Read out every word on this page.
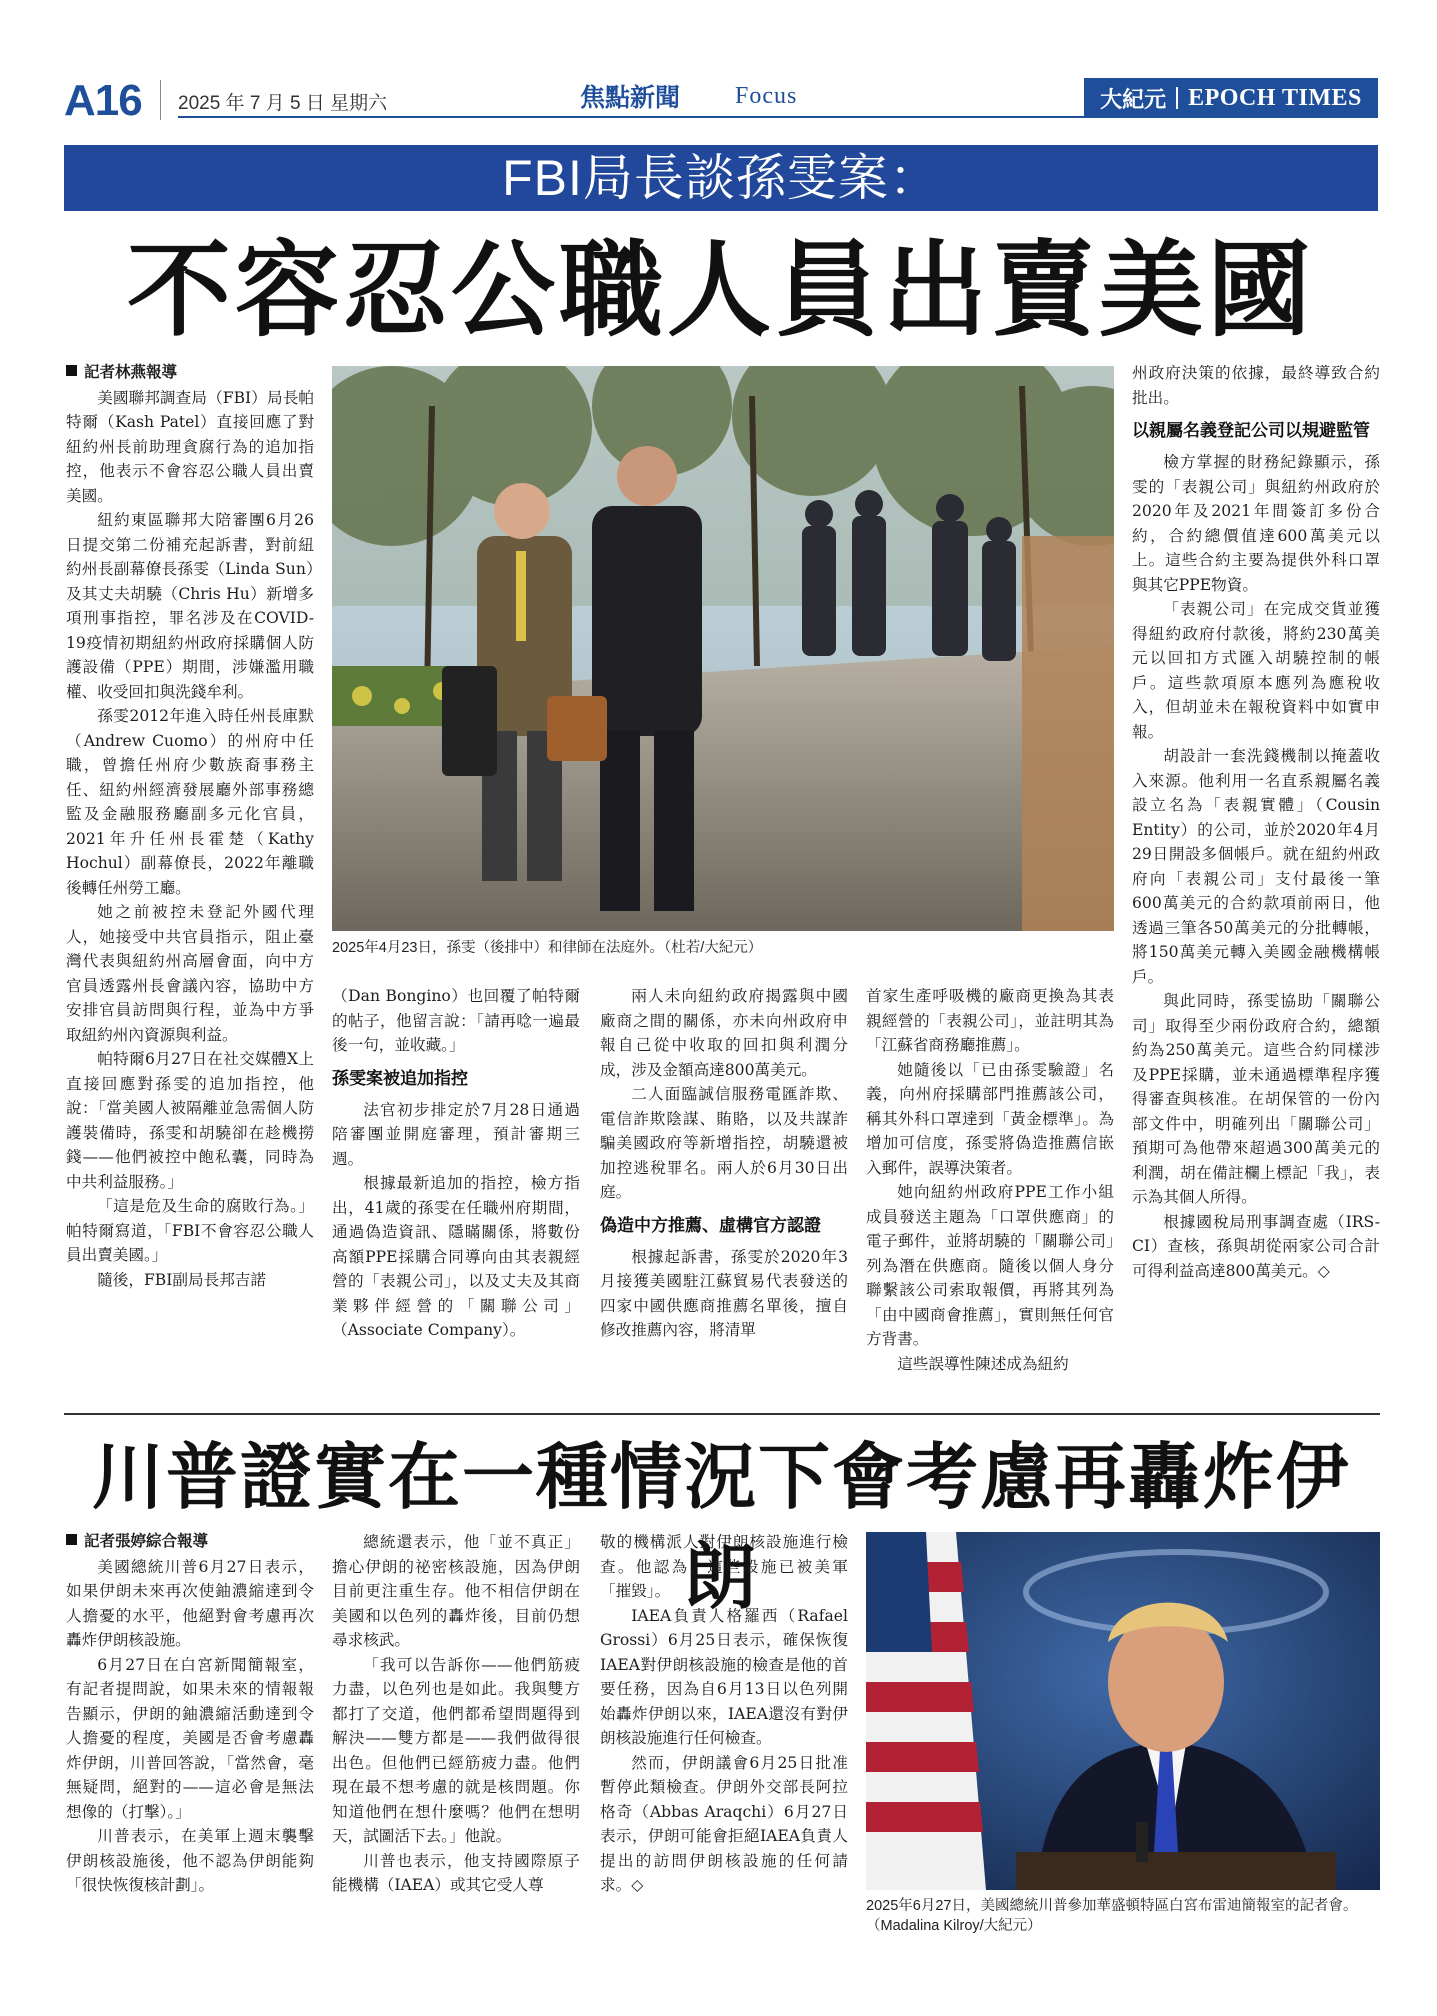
A16 2025 年 7 月 5 日 星期六	焦點新聞 Focus	大紀元 EPOCH TIMES
FBI局長談孫雯案：
不容忍公職人員出賣美國

記者林燕報導

美國聯邦調查局（FBI）局長帕特爾（Kash Patel）直接回應了對紐約州長前助理貪腐行為的追加指控，他表示不會容忍公職人員出賣美國。

紐約東區聯邦大陪審團6月26日提交第二份補充起訴書，對前紐約州長副幕僚長孫雯（Linda Sun）及其丈夫胡驍（Chris Hu）新增多項刑事指控，罪名涉及在COVID-19疫情初期紐約州政府採購個人防護設備（PPE）期間，涉嫌濫用職權、收受回扣與洗錢牟利。

孫雯2012年進入時任州長庫默（Andrew Cuomo）的州府中任職，曾擔任州府少數族裔事務主任、紐約州經濟發展廳外部事務總監及金融服務廳副多元化官員，2021年升任州長霍楚（Kathy Hochul）副幕僚長，2022年離職後轉任州勞工廳。

她之前被控未登記外國代理人，她接受中共官員指示，阻止臺灣代表與紐約州高層會面，向中方官員透露州長會議內容，協助中方安排官員訪問與行程，並為中方爭取紐約州內資源與利益。

帕特爾6月27日在社交媒體X上直接回應對孫雯的追加指控，他說：「當美國人被隔離並急需個人防護裝備時，孫雯和胡驍卻在趁機撈錢——他們被控中飽私囊，同時為中共利益服務。」

「這是危及生命的腐敗行為。」帕特爾寫道，「FBI不會容忍公職人員出賣美國。」

隨後，FBI副局長邦吉諾

2025年4月23日，孫雯（後排中）和律師在法庭外。（杜若/大紀元）

（Dan Bongino）也回覆了帕特爾的帖子，他留言說：「請再唸一遍最後一句，並收藏。」

孫雯案被追加指控

法官初步排定於7月28日通過陪審團並開庭審理，預計審期三週。

根據最新追加的指控，檢方指出，41歲的孫雯在任職州府期間，通過偽造資訊、隱瞞關係，將數份高額PPE採購合同導向由其表親經營的「表親公司」，以及丈夫及其商業夥伴經營的「關聯公司」（Associate Company）。

兩人未向紐約政府揭露與中國廠商之間的關係，亦未向州政府申報自己從中收取的回扣與利潤分成，涉及金額高達800萬美元。

二人面臨誠信服務電匯詐欺、電信詐欺陰謀、賄賂，以及共謀詐騙美國政府等新增指控，胡驍還被加控逃稅罪名。兩人於6月30日出庭。

偽造中方推薦、虛構官方認證

根據起訴書，孫雯於2020年3月接獲美國駐江蘇貿易代表發送的四家中國供應商推薦名單後，擅自修改推薦內容，將清單

首家生產呼吸機的廠商更換為其表親經營的「表親公司」，並註明其為「江蘇省商務廳推薦」。

她隨後以「已由孫雯驗證」名義，向州府採購部門推薦該公司，稱其外科口罩達到「黃金標準」。為增加可信度，孫雯將偽造推薦信嵌入郵件，誤導決策者。

她向紐約州政府PPE工作小組成員發送主題為「口罩供應商」的電子郵件，並將胡驍的「關聯公司」列為潛在供應商。隨後以個人身分聯繫該公司索取報價，再將其列為「由中國商會推薦」，實則無任何官方背書。

這些誤導性陳述成為紐約

州政府決策的依據，最終導致合約批出。

以親屬名義登記公司以規避監管

檢方掌握的財務紀錄顯示，孫雯的「表親公司」與紐約州政府於2020年及2021年間簽訂多份合約，合約總價值達600萬美元以上。這些合約主要為提供外科口罩與其它PPE物資。

「表親公司」在完成交貨並獲得紐約政府付款後，將約230萬美元以回扣方式匯入胡驍控制的帳戶。這些款項原本應列為應稅收入，但胡並未在報稅資料中如實申報。

胡設計一套洗錢機制以掩蓋收入來源。他利用一名直系親屬名義設立名為「表親實體」（Cousin Entity）的公司，並於2020年4月29日開設多個帳戶。就在紐約州政府向「表親公司」支付最後一筆600萬美元的合約款項前兩日，他透過三筆各50萬美元的分批轉帳，將150萬美元轉入美國金融機構帳戶。

與此同時，孫雯協助「關聯公司」取得至少兩份政府合約，總額約為250萬美元。這些合約同樣涉及PPE採購，並未通過標準程序獲得審查與核准。在胡保管的一份內部文件中，明確列出「關聯公司」預期可為他帶來超過300萬美元的利潤，胡在備註欄上標記「我」，表示為其個人所得。

根據國稅局刑事調查處（IRS-CI）查核，孫與胡從兩家公司合計可得利益高達800萬美元。◇

川普證實在一種情況下會考慮再轟炸伊朗

記者張婷綜合報導

美國總統川普6月27日表示，如果伊朗未來再次使鈾濃縮達到令人擔憂的水平，他絕對會考慮再次轟炸伊朗核設施。

6月27日在白宮新聞簡報室，有記者提問說，如果未來的情報報告顯示，伊朗的鈾濃縮活動達到令人擔憂的程度，美國是否會考慮轟炸伊朗，川普回答說，「當然會，毫無疑問，絕對的——這必會是無法想像的（打擊）。」

川普表示，在美軍上週末襲擊伊朗核設施後，他不認為伊朗能夠「很快恢復核計劃」。

總統還表示，他「並不真正」擔心伊朗的祕密核設施，因為伊朗目前更注重生存。他不相信伊朗在美國和以色列的轟炸後，目前仍想尋求核武。

「我可以告訴你——他們筋疲力盡，以色列也是如此。我與雙方都打了交道，他們都希望問題得到解決——雙方都是——我們做得很出色。但他們已經筋疲力盡。他們現在最不想考慮的就是核問題。你知道他們在想什麼嗎？他們在想明天，試圖活下去。」他說。

川普也表示，他支持國際原子能機構（IAEA）或其它受人尊

敬的機構派人對伊朗核設施進行檢查。他認為，這些設施已被美軍「摧毀」。

IAEA負責人格羅西（Rafael Grossi）6月25日表示，確保恢復IAEA對伊朗核設施的檢查是他的首要任務，因為自6月13日以色列開始轟炸伊朗以來，IAEA還沒有對伊朗核設施進行任何檢查。

然而，伊朗議會6月25日批准暫停此類檢查。伊朗外交部長阿拉格奇（Abbas Araqchi）6月27日表示，伊朗可能會拒絕IAEA負責人提出的訪問伊朗核設施的任何請求。◇

2025年6月27日，美國總統川普參加華盛頓特區白宮布雷迪簡報室的記者會。（Madalina Kilroy/大紀元）
